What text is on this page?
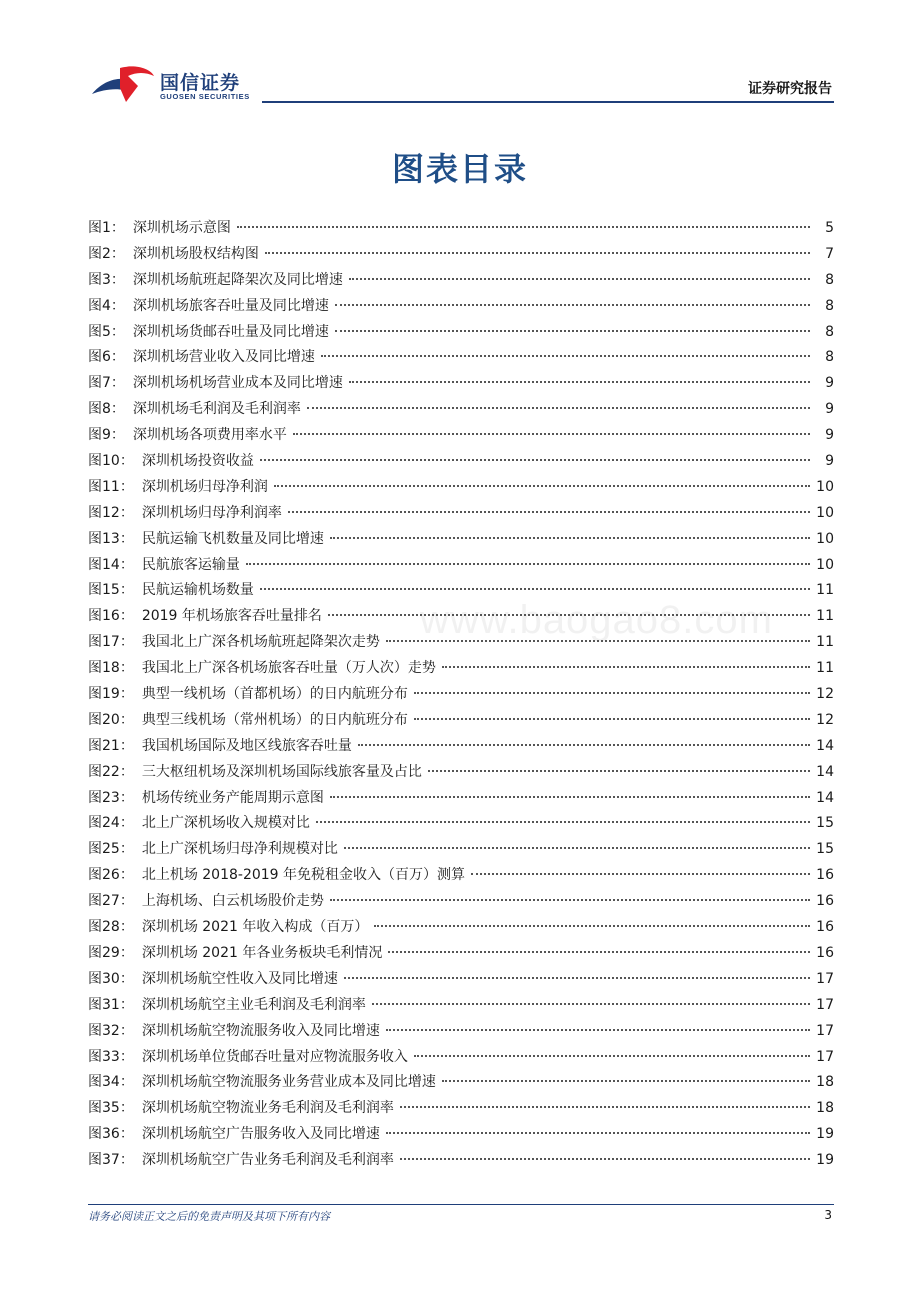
国信证券
GUOSEN SECURITIES	证券研究报告
www.baogao8.com
图表目录
图1： 深圳机场示意图	5
图2： 深圳机场股权结构图	7
图3： 深圳机场航班起降架次及同比增速	8
图4： 深圳机场旅客吞吐量及同比增速	8
图5： 深圳机场货邮吞吐量及同比增速	8
图6： 深圳机场营业收入及同比增速	8
图7： 深圳机场机场营业成本及同比增速	9
图8： 深圳机场毛利润及毛利润率	9
图9： 深圳机场各项费用率水平	9
图10： 深圳机场投资收益	9
图11： 深圳机场归母净利润	10
图12： 深圳机场归母净利润率	10
图13： 民航运输飞机数量及同比增速	10
图14： 民航旅客运输量	10
图15： 民航运输机场数量	11
图16： 2019 年机场旅客吞吐量排名	11
图17： 我国北上广深各机场航班起降架次走势	11
图18： 我国北上广深各机场旅客吞吐量（万人次）走势	11
图19： 典型一线机场（首都机场）的日内航班分布	12
图20： 典型三线机场（常州机场）的日内航班分布	12
图21： 我国机场国际及地区线旅客吞吐量	14
图22： 三大枢纽机场及深圳机场国际线旅客量及占比	14
图23： 机场传统业务产能周期示意图	14
图24： 北上广深机场收入规模对比	15
图25： 北上广深机场归母净利规模对比	15
图26： 北上机场 2018-2019 年免税租金收入（百万）测算	16
图27： 上海机场、白云机场股价走势	16
图28： 深圳机场 2021 年收入构成（百万）	16
图29： 深圳机场 2021 年各业务板块毛利情况	16
图30： 深圳机场航空性收入及同比增速	17
图31： 深圳机场航空主业毛利润及毛利润率	17
图32： 深圳机场航空物流服务收入及同比增速	17
图33： 深圳机场单位货邮吞吐量对应物流服务收入	17
图34： 深圳机场航空物流服务业务营业成本及同比增速	18
图35： 深圳机场航空物流业务毛利润及毛利润率	18
图36： 深圳机场航空广告服务收入及同比增速	19
图37： 深圳机场航空广告业务毛利润及毛利润率	19
请务必阅读正文之后的免责声明及其项下所有内容	3
